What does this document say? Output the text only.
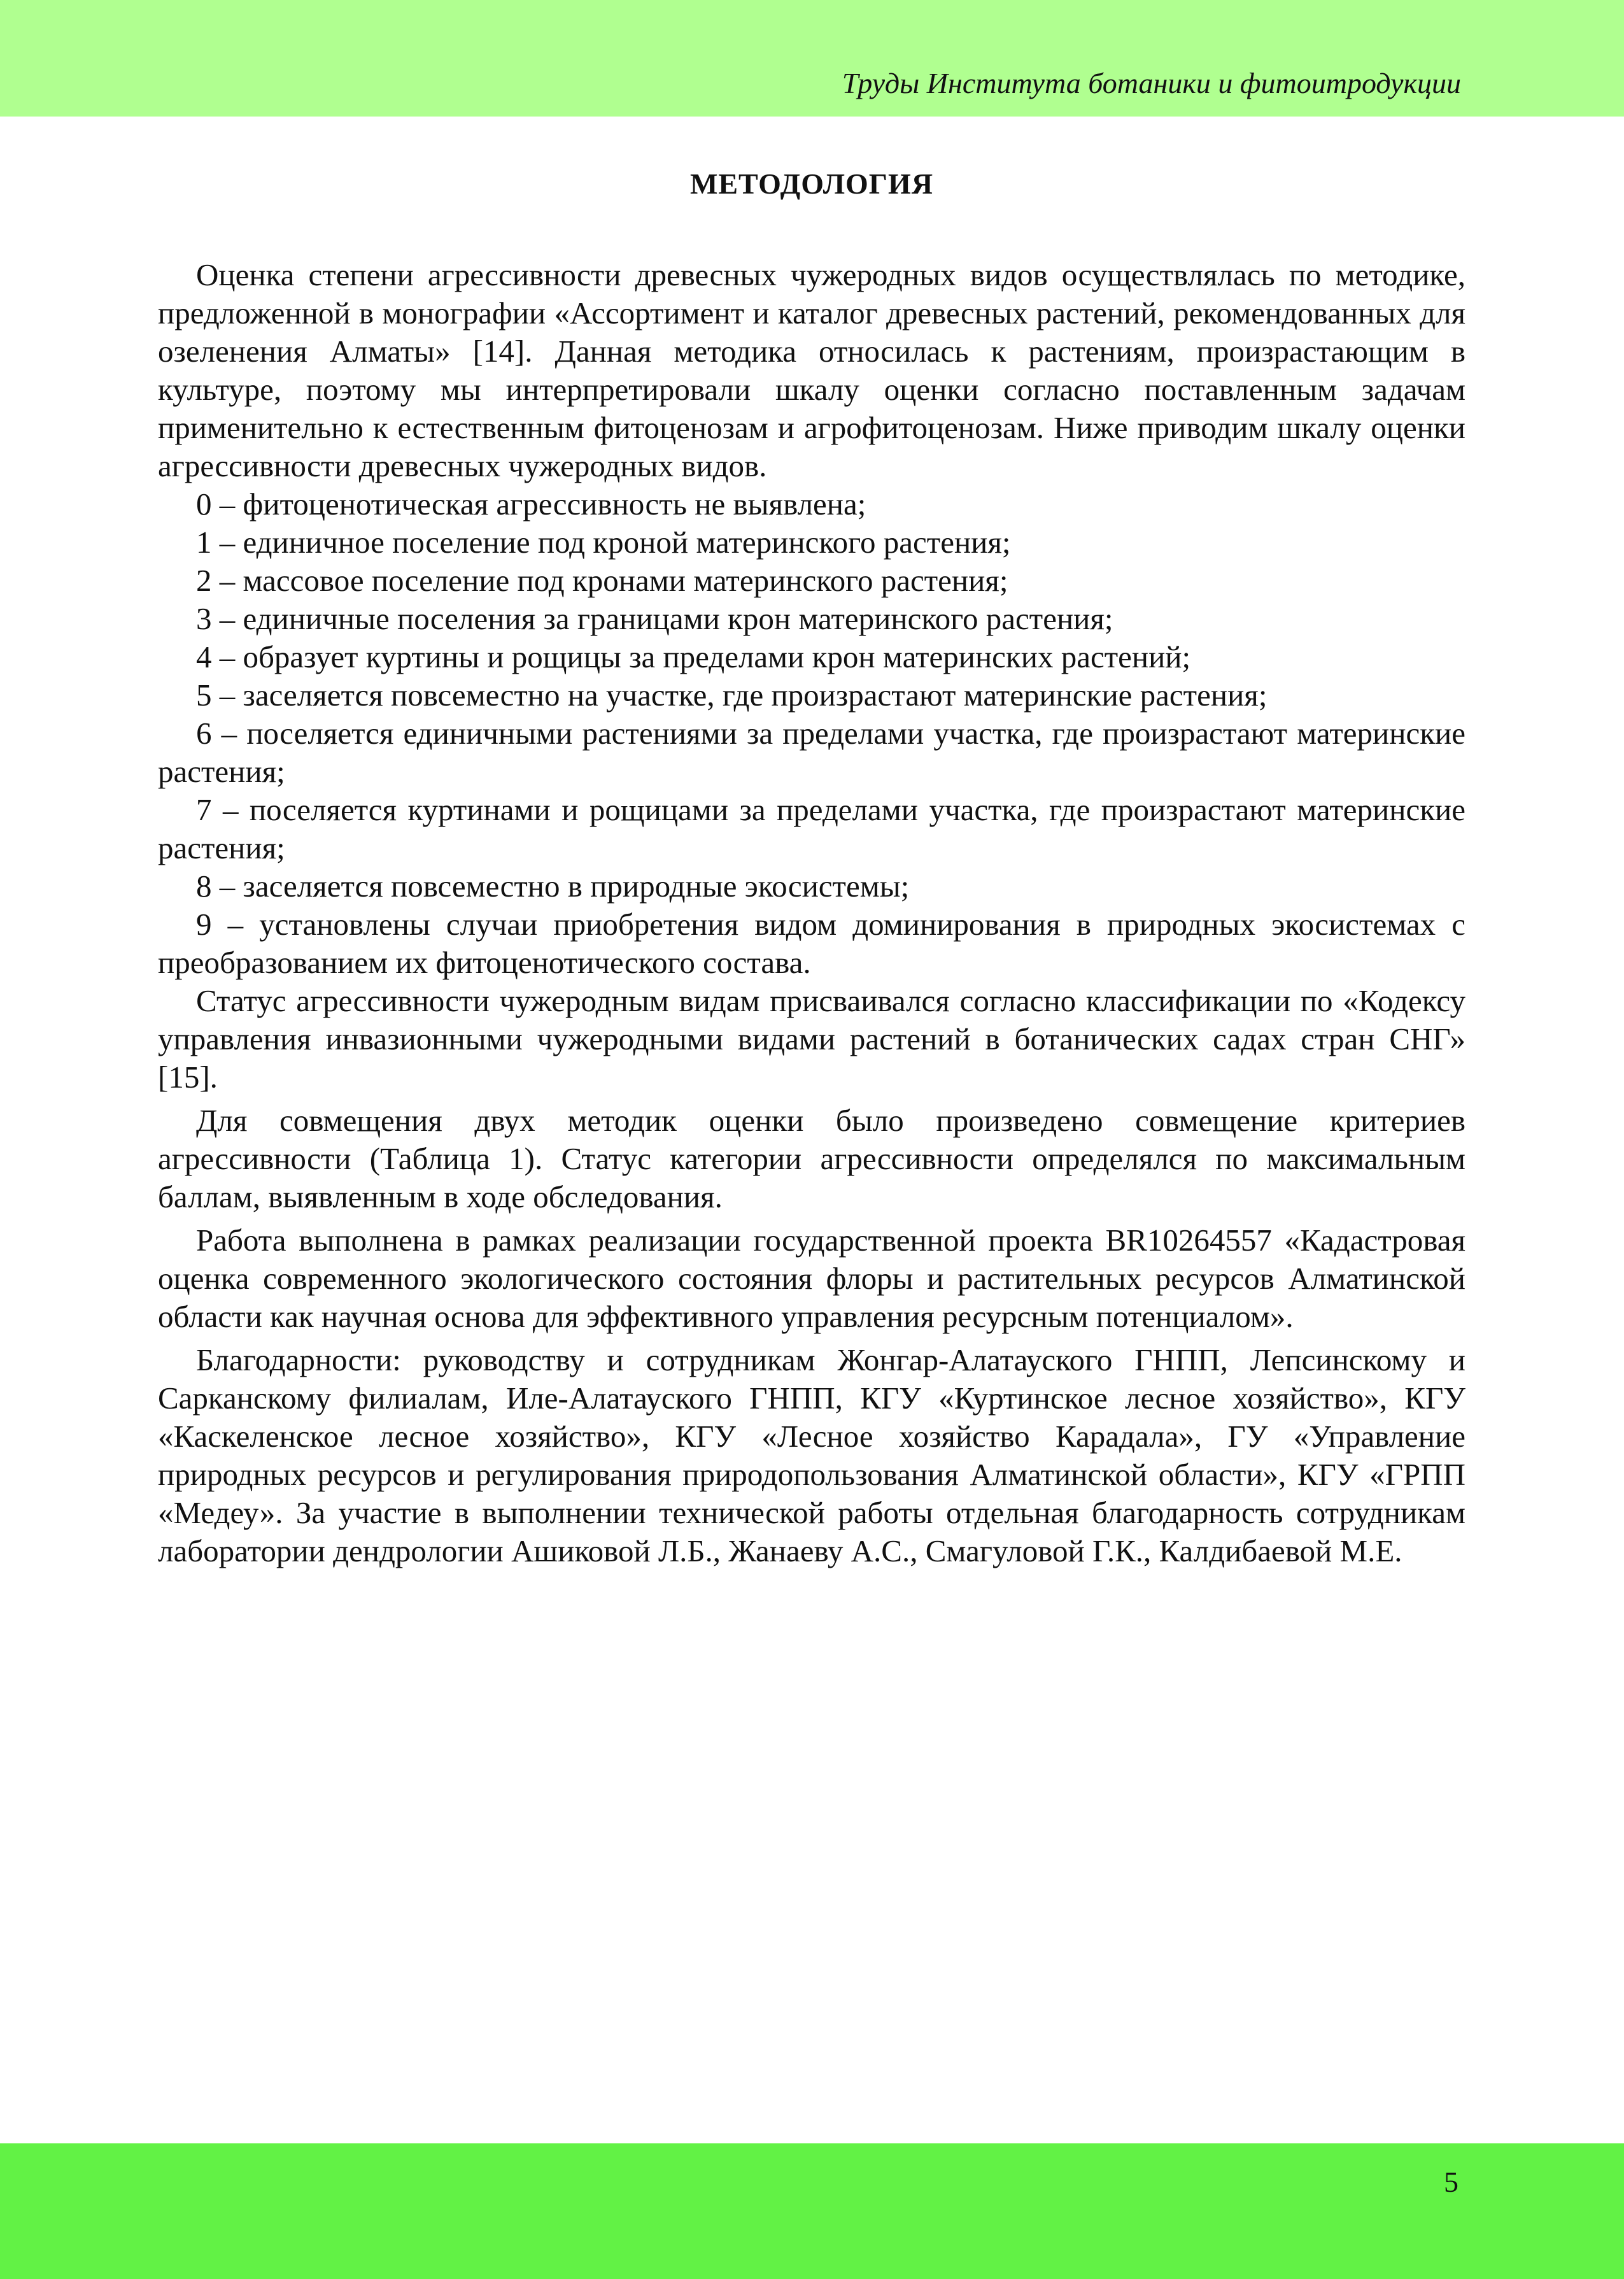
Труды Института ботаники и фитоитродукции
МЕТОДОЛОГИЯ

Оценка степени агрессивности древесных чужеродных видов осуществлялась по методике, предложенной в монографии «Ассортимент и каталог древесных растений, рекомендованных для озеленения Алматы» [14]. Данная методика относилась к растениям, произрастающим в культуре, поэтому мы интерпретировали шкалу оценки согласно поставленным задачам применительно к естественным фитоценозам и агрофитоценозам. Ниже приводим шкалу оценки агрессивности древесных чужеродных видов.

0 – фитоценотическая агрессивность не выявлена;
1 – единичное поселение под кроной материнского растения;
2 – массовое поселение под кронами материнского растения;
3 – единичные поселения за границами крон материнского растения;
4 – образует куртины и рощицы за пределами крон материнских растений;
5 – заселяется повсеместно на участке, где произрастают материнские растения;
6 – поселяется единичными растениями за пределами участка, где произрастают материнские растения;
7 – поселяется куртинами и рощицами за пределами участка, где произрастают материнские растения;
8 – заселяется повсеместно в природные экосистемы;
9 – установлены случаи приобретения видом доминирования в природных экосистемах с преобразованием их фитоценотического состава.

Статус агрессивности чужеродным видам присваивался согласно классификации по «Кодексу управления инвазионными чужеродными видами растений в ботанических садах стран СНГ» [15].

Для совмещения двух методик оценки было произведено совмещение критериев агрессивности (Таблица 1). Статус категории агрессивности определялся по максимальным баллам, выявленным в ходе обследования.

Работа выполнена в рамках реализации государственной проекта BR10264557 «Кадастровая оценка современного экологического состояния флоры и растительных ресурсов Алматинской области как научная основа для эффективного управления ресурсным потенциалом».

Благодарности: руководству и сотрудникам Жонгар-Алатауского ГНПП, Лепсинскому и Сарканскому филиалам, Иле-Алатауского ГНПП, КГУ «Куртинское лесное хозяйство», КГУ «Каскеленское лесное хозяйство», КГУ «Лесное хозяйство Карадала», ГУ «Управление природных ресурсов и регулирования природопользования Алматинской области», КГУ «ГРПП «Медеу». За участие в выполнении технической работы отдельная благодарность сотрудникам лаборатории дендрологии Ашиковой Л.Б., Жанаеву А.С., Смагуловой Г.К., Калдибаевой М.Е.

5
